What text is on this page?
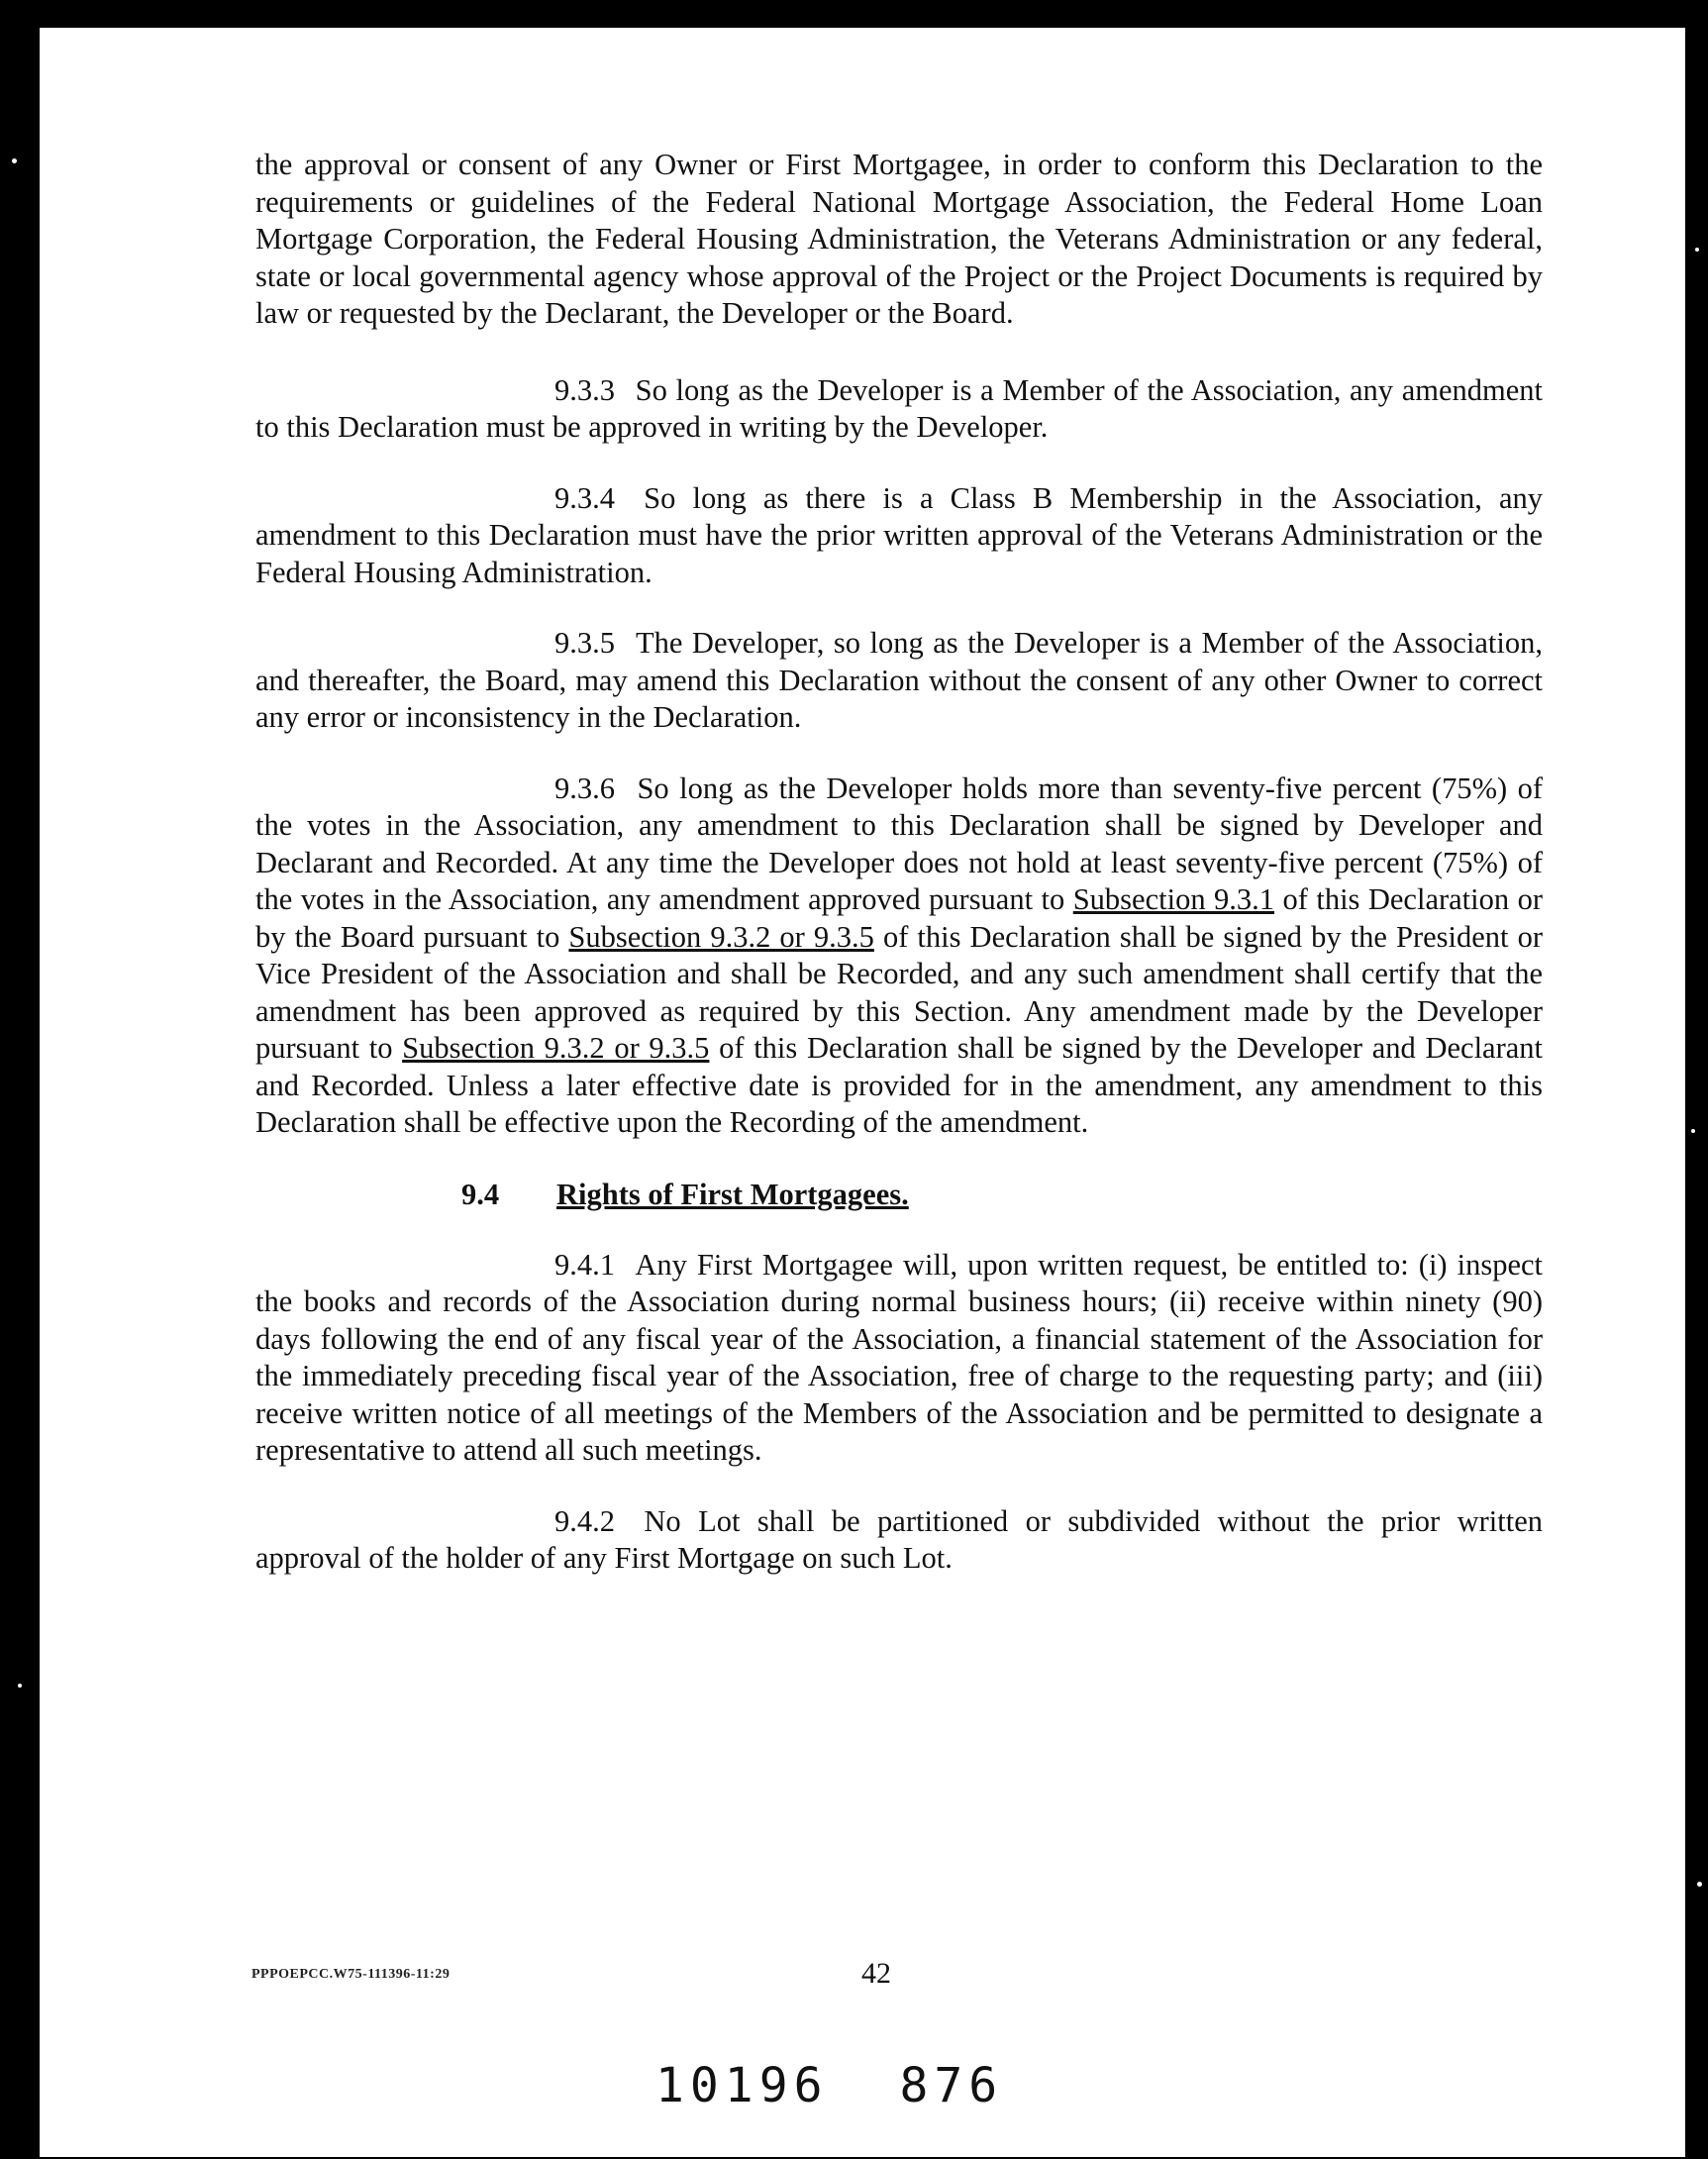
the approval or consent of any Owner or First Mortgagee, in order to conform this Declaration to the requirements or guidelines of the Federal National Mortgage Association, the Federal Home Loan Mortgage Corporation, the Federal Housing Administration, the Veterans Administration or any federal, state or local governmental agency whose approval of the Project or the Project Documents is required by law or requested by the Declarant, the Developer or the Board.

9.3.3 So long as the Developer is a Member of the Association, any amendment to this Declaration must be approved in writing by the Developer.

9.3.4 So long as there is a Class B Membership in the Association, any amendment to this Declaration must have the prior written approval of the Veterans Administration or the Federal Housing Administration.

9.3.5 The Developer, so long as the Developer is a Member of the Association, and thereafter, the Board, may amend this Declaration without the consent of any other Owner to correct any error or inconsistency in the Declaration.

9.3.6 So long as the Developer holds more than seventy-five percent (75%) of the votes in the Association, any amendment to this Declaration shall be signed by Developer and Declarant and Recorded. At any time the Developer does not hold at least seventy-five percent (75%) of the votes in the Association, any amendment approved pursuant to Subsection 9.3.1 of this Declaration or by the Board pursuant to Subsection 9.3.2 or 9.3.5 of this Declaration shall be signed by the President or Vice President of the Association and shall be Recorded, and any such amendment shall certify that the amendment has been approved as required by this Section. Any amendment made by the Developer pursuant to Subsection 9.3.2 or 9.3.5 of this Declaration shall be signed by the Developer and Declarant and Recorded. Unless a later effective date is provided for in the amendment, any amendment to this Declaration shall be effective upon the Recording of the amendment.

9.4 Rights of First Mortgagees.

9.4.1 Any First Mortgagee will, upon written request, be entitled to: (i) inspect the books and records of the Association during normal business hours; (ii) receive within ninety (90) days following the end of any fiscal year of the Association, a financial statement of the Association for the immediately preceding fiscal year of the Association, free of charge to the requesting party; and (iii) receive written notice of all meetings of the Members of the Association and be permitted to designate a representative to attend all such meetings.

9.4.2 No Lot shall be partitioned or subdivided without the prior written approval of the holder of any First Mortgage on such Lot.

PPPOEPCC.W75-111396-11:29	42
10196 876
